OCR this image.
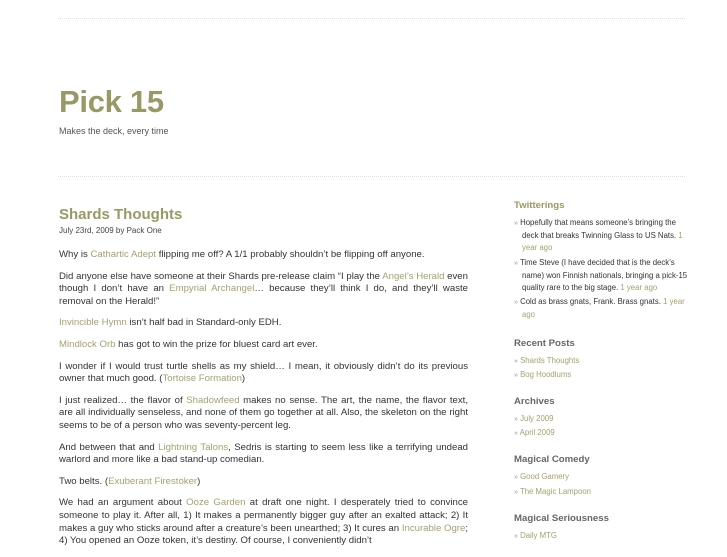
Pick 15
Makes the deck, every time
Shards Thoughts
July 23rd, 2009 by Pack One

Why is Cathartic Adept flipping me off? A 1/1 probably shouldn’t be flipping off anyone.

Did anyone else have someone at their Shards pre-release claim “I play the Angel’s Herald even though I don’t have an Empyrial Archangel… because they’ll think I do, and they’ll waste removal on the Herald!”

Invincible Hymn isn’t half bad in Standard-only EDH.

Mindlock Orb has got to win the prize for bluest card art ever.

I wonder if I would trust turtle shells as my shield… I mean, it obviously didn’t do its previous owner that much good. (Tortoise Formation)

I just realized… the flavor of Shadowfeed makes no sense. The art, the name, the flavor text, are all individually senseless, and none of them go together at all. Also, the skeleton on the right seems to be of a person who was seventy-percent leg.

And between that and Lightning Talons, Sedris is starting to seem less like a terrifying undead warlord and more like a bad stand-up comedian.

Two belts. (Exuberant Firestoker)

We had an argument about Ooze Garden at draft one night. I desperately tried to convince someone to play it. After all, 1) It makes a permanently bigger guy after an exalted attack; 2) It makes a guy who sticks around after a creature’s been unearthed; 3) It cures an Incurable Ogre; 4) You opened an Ooze token, it’s destiny. Of course, I conveniently didn’t

Twitterings
» Hopefully that means someone’s bringing the deck that breaks Twinning Glass to US Nats. 1 year ago
» Time Steve (I have decided that is the deck’s name) won Finnish nationals, bringing a pick-15 quality rare to the big stage. 1 year ago
» Cold as brass gnats, Frank. Brass gnats. 1 year ago
Recent Posts
» Shards Thoughts
» Bog Hoodlums
Archives
» July 2009
» April 2009
Magical Comedy
» Good Gamery
» The Magic Lampoon
Magical Seriousness
» Daily MTG
